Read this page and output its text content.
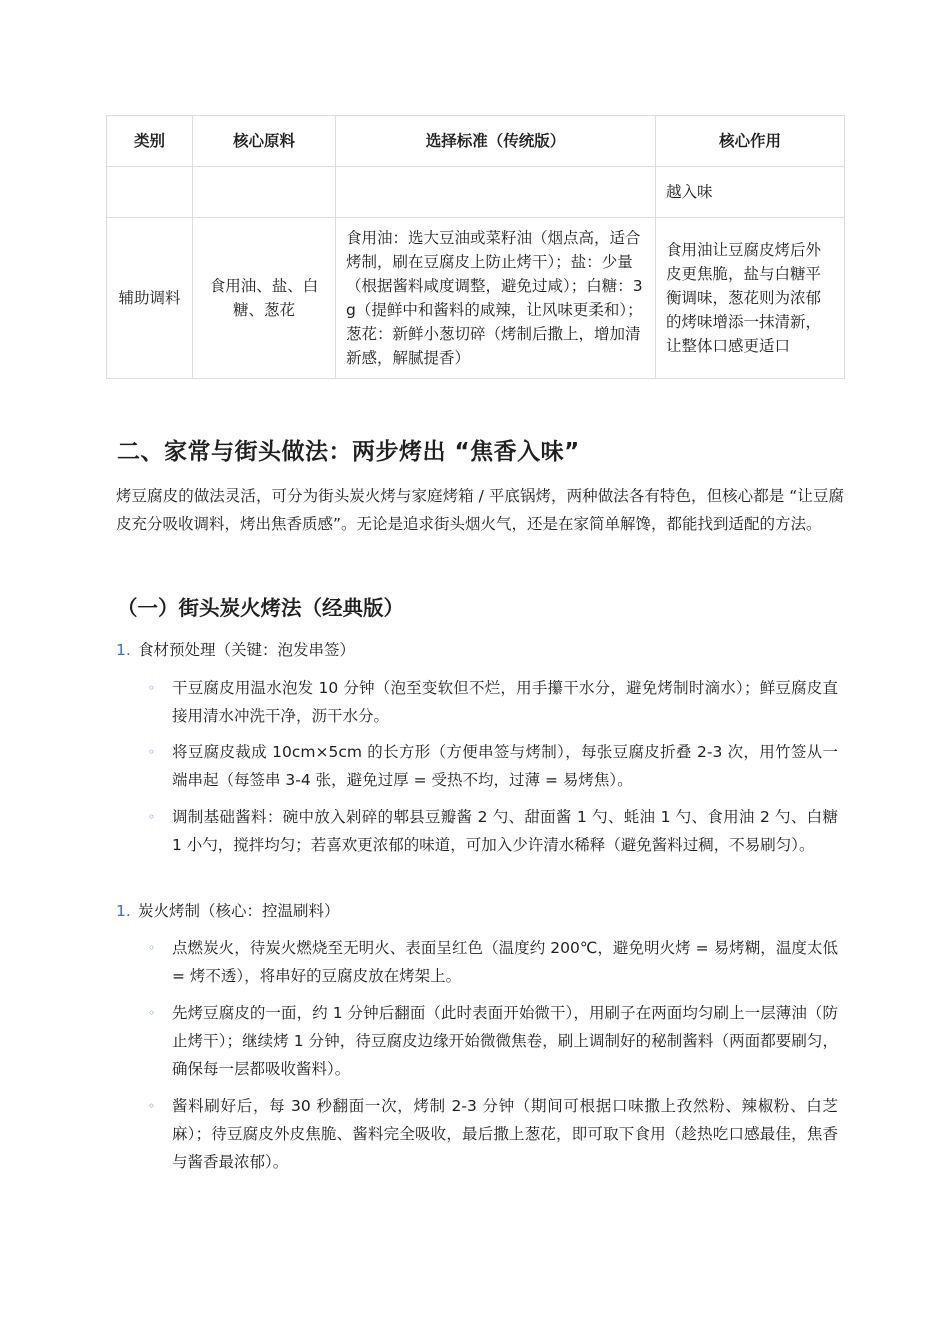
类别	核心原料	选择标准（传统版）	核心作用
			越入味
辅助调料	食用油、盐、白糖、葱花	食用油：选大豆油或菜籽油（烟点高，适合烤制，刷在豆腐皮上防止烤干）；盐：少量（根据酱料咸度调整，避免过咸）；白糖：3g（提鲜中和酱料的咸辣，让风味更柔和）；葱花：新鲜小葱切碎（烤制后撒上，增加清新感，解腻提香）	食用油让豆腐皮烤后外皮更焦脆，盐与白糖平衡调味，葱花则为浓郁的烤味增添一抹清新，让整体口感更适口
二、家常与街头做法：两步烤出 “焦香入味”

烤豆腐皮的做法灵活，可分为街头炭火烤与家庭烤箱 / 平底锅烤，两种做法各有特色，但核心都是 “让豆腐皮充分吸收调料，烤出焦香质感”。无论是追求街头烟火气，还是在家简单解馋，都能找到适配的方法。

（一）街头炭火烤法（经典版）
1. 食材预处理（关键：泡发串签）
◦	干豆腐皮用温水泡发 10 分钟（泡至变软但不烂，用手攥干水分，避免烤制时滴水）；鲜豆腐皮直接用清水冲洗干净，沥干水分。
◦	将豆腐皮裁成 10cm×5cm 的长方形（方便串签与烤制），每张豆腐皮折叠 2-3 次，用竹签从一端串起（每签串 3-4 张，避免过厚 = 受热不均，过薄 = 易烤焦）。
◦	调制基础酱料：碗中放入剁碎的郫县豆瓣酱 2 勺、甜面酱 1 勺、蚝油 1 勺、食用油 2 勺、白糖 1 小勺，搅拌均匀；若喜欢更浓郁的味道，可加入少许清水稀释（避免酱料过稠，不易刷匀）。
1. 炭火烤制（核心：控温刷料）
◦	点燃炭火，待炭火燃烧至无明火、表面呈红色（温度约 200℃，避免明火烤 = 易烤糊，温度太低 = 烤不透），将串好的豆腐皮放在烤架上。
◦	先烤豆腐皮的一面，约 1 分钟后翻面（此时表面开始微干），用刷子在两面均匀刷上一层薄油（防止烤干）；继续烤 1 分钟，待豆腐皮边缘开始微微焦卷，刷上调制好的秘制酱料（两面都要刷匀，确保每一层都吸收酱料）。
◦	酱料刷好后，每 30 秒翻面一次，烤制 2-3 分钟（期间可根据口味撒上孜然粉、辣椒粉、白芝麻）；待豆腐皮外皮焦脆、酱料完全吸收，最后撒上葱花，即可取下食用（趁热吃口感最佳，焦香与酱香最浓郁）。
